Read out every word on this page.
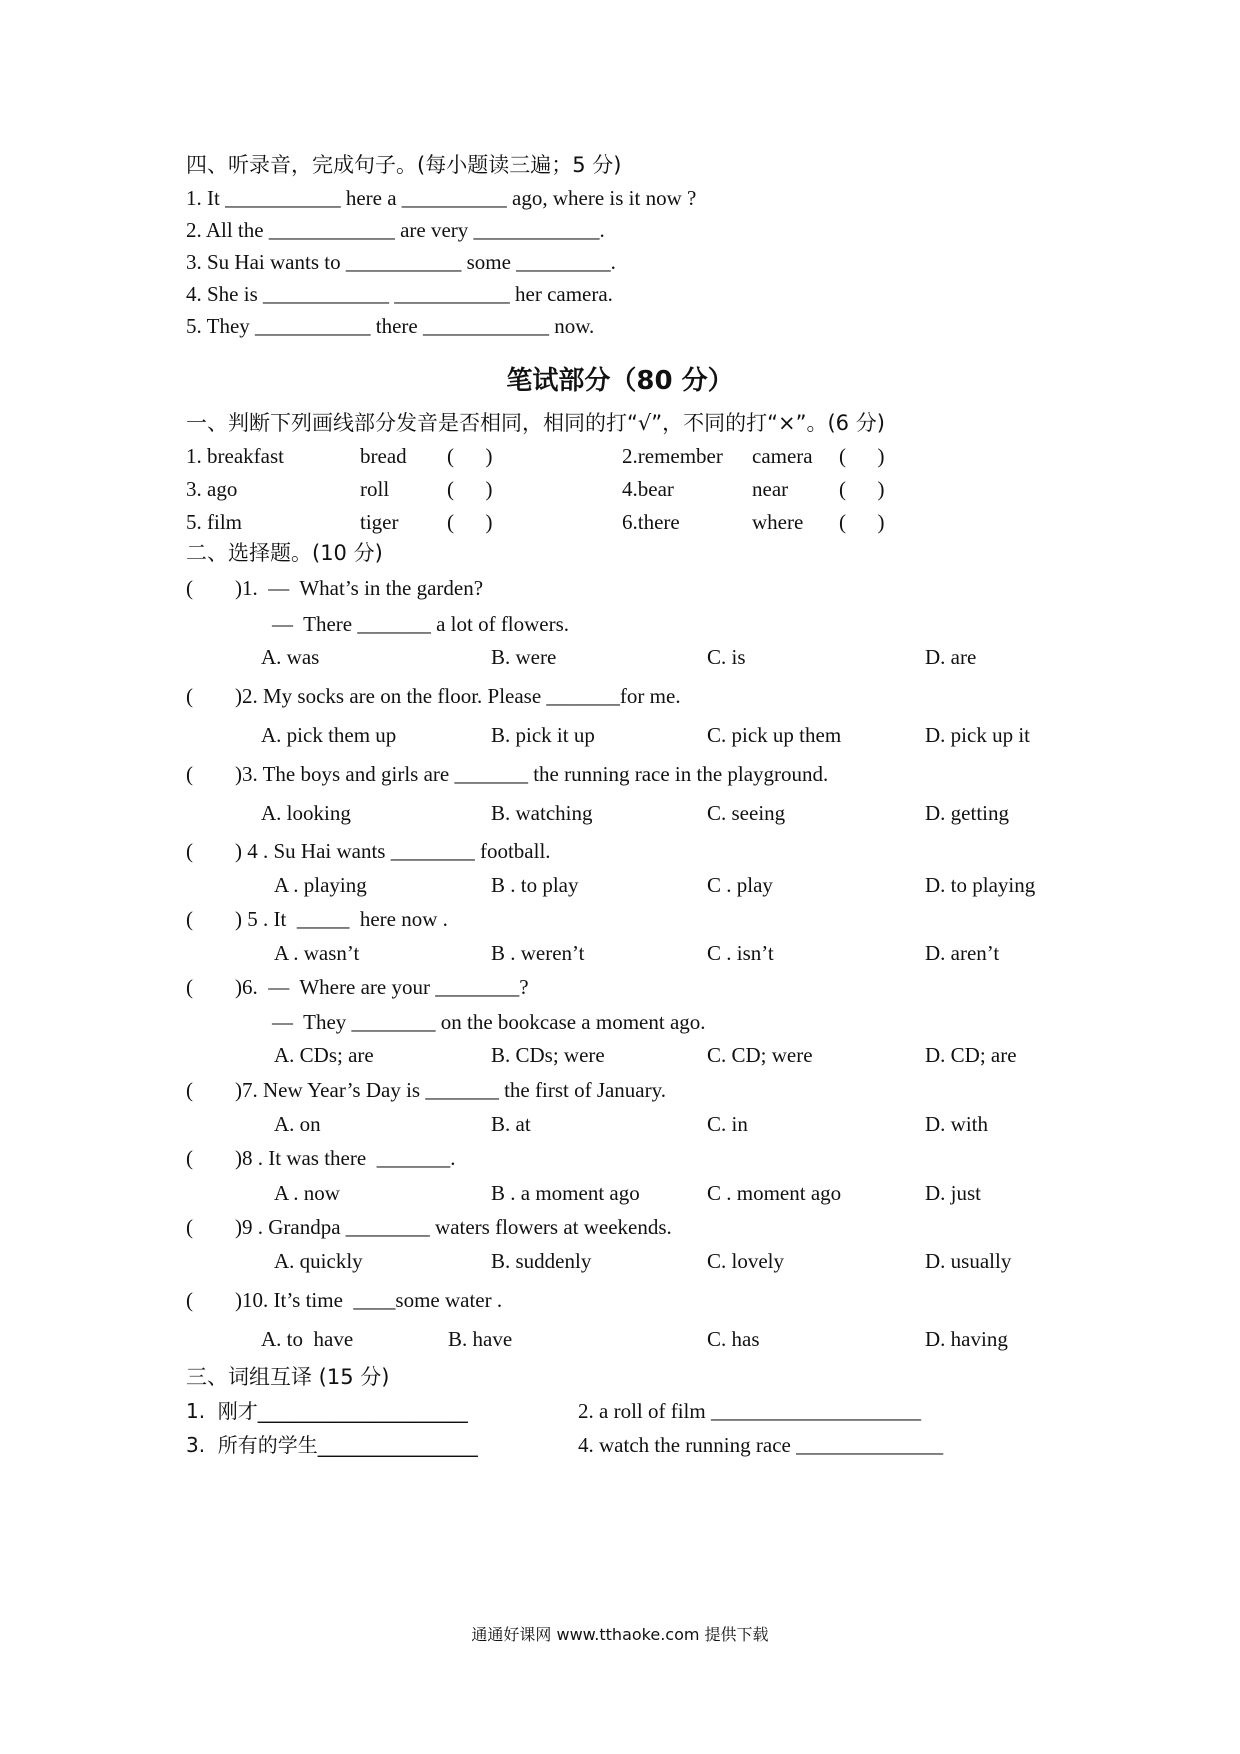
四、听录音，完成句子。(每小题读三遍；5 分)
1. It ___________ here a __________ ago, where is it now ?
2. All the ____________ are very ____________.
3. Su Hai wants to ___________ some _________.
4. She is ____________ ___________ her camera.
5. They ___________ there ____________ now.
笔试部分（80 分）
一、判断下列画线部分发音是否相同，相同的打“√”，不同的打“×”。(6 分)
1. breakfast	bread (      )	2.remember camera (      )
3. ago	roll	(      )	4.bear	near (      )
5. film	tiger (      )	6.there	where (      )
二、选择题。(10 分)
(        )1.  —  What’s in the garden?
—  There _______ a lot of flowers.
A. was	B. were	C. is	D. are
(        )2. My socks are on the floor. Please _______for me.
A. pick them up	B. pick it up	C. pick up them	D. pick up it
(        )3. The boys and girls are _______ the running race in the playground.
A. looking	B. watching	C. seeing	D. getting
(        ) 4 . Su Hai wants ________ football.
A . playing	B . to play	C . play	D. to playing
(        ) 5 . It  _____  here now .
A . wasn’t	B . weren’t	C . isn’t	D. aren’t
(        )6.  —  Where are your ________?
—  They ________ on the bookcase a moment ago.
A. CDs; are	B. CDs; were	C. CD; were	D. CD; are
(        )7. New Year’s Day is _______ the first of January.
A. on	B. at	C. in	D. with
(        )8 . It was there  _______.
A . now	B . a moment ago	C . moment ago	D. just
(        )9 . Grandpa ________ waters flowers at weekends.
A. quickly	B. suddenly	C. lovely	D. usually
(        )10. It’s time  ____some water .
A. to  have	B. have	C. has	D. having
三、词组互译 (15 分)
1.  刚才_____________________	2. a roll of film ____________________
3.  所有的学生________________	4. watch the running race ______________
通通好课网 www.tthaoke.com 提供下载
